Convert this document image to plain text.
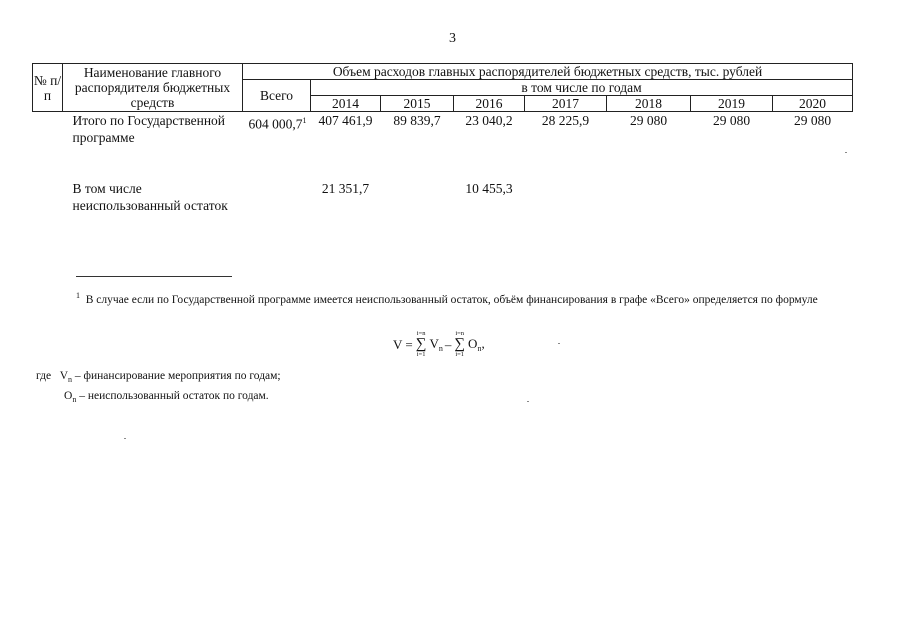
3
№ п/п	Наименование главного распорядителя бюджетных средств	Объем расходов главных распорядителей бюджетных средств, тыс. рублей							
		Всего	в том числе по годам						
			2014	2015	2016	2017	2018	2019	2020
	Итого по Государственной программе	604 000,7$^1$	407 461,9	89 839,7	23 040,2	28 225,9	29 080	29 080	29 080
	В том числе неиспользованный остаток		21 351,7		10 455,3				
$^1$ В случае если по Государственной программе имеется неиспользованный остаток, объём финансирования в графе «Всего» определяется по формуле
V =
i=n
∑
i=1
$V_n$ –
i=n
∑
i=1
$O_n$,
где $V_n$ – финансирование мероприятия по годам;
$O_n$ – неиспользованный остаток по годам.
